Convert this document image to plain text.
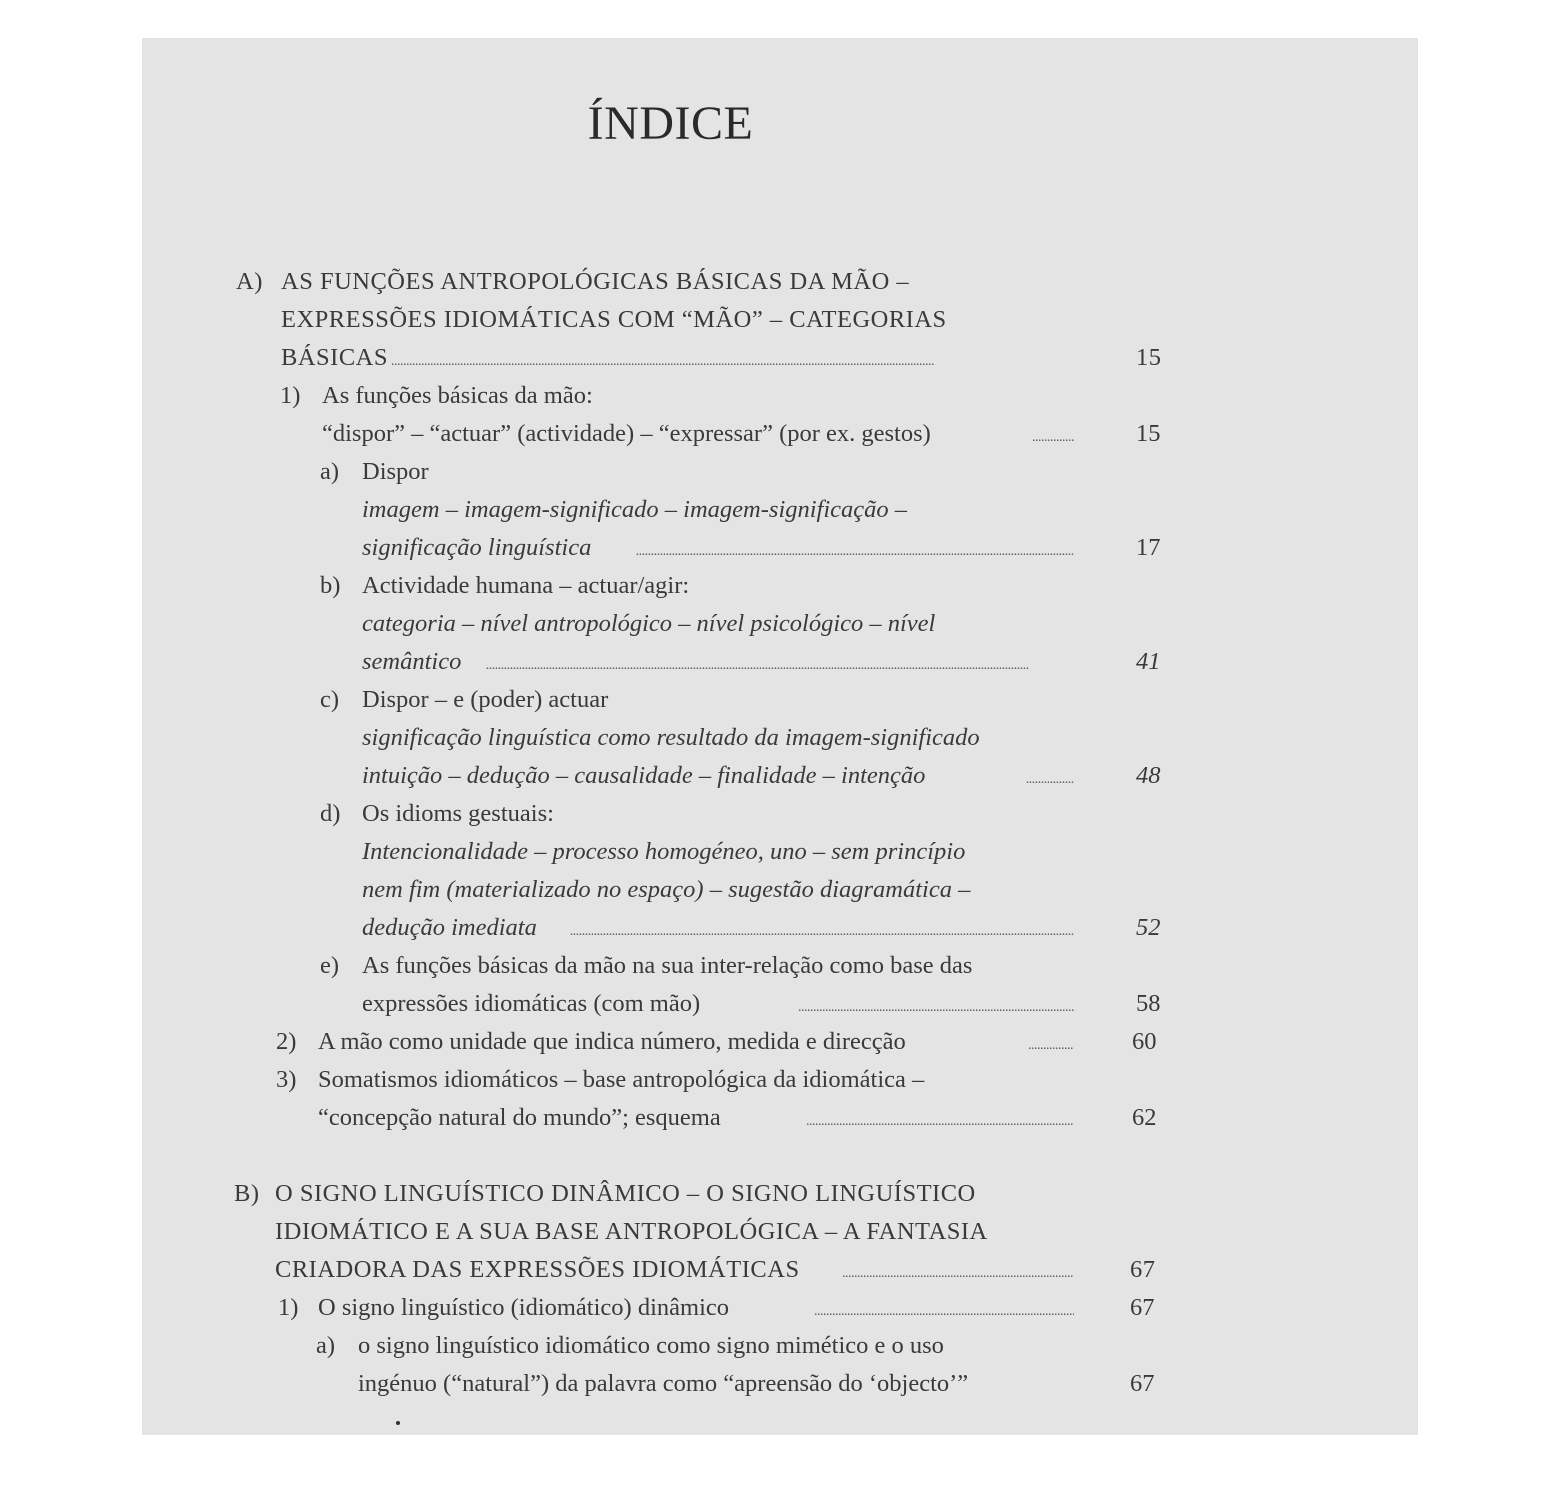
ÍNDICE
A) AS FUNÇÕES ANTROPOLÓGICAS BÁSICAS DA MÃO –
EXPRESSÕES IDIOMÁTICAS COM “MÃO” – CATEGORIAS
BÁSICAS . . .	15
1) As funções básicas da mão:
“dispor” – “actuar” (actividade) – “expressar” (por ex. gestos) . . .	15
a) Dispor
imagem – imagem-significado – imagem-significação –
significação linguística . . .	17
b) Actividade humana – actuar/agir:
categoria – nível antropológico – nível psicológico – nível
semântico . . .	41
c) Dispor – e (poder) actuar
significação linguística como resultado da imagem-significado
intuição – dedução – causalidade – finalidade – intenção . . .	48
d) Os idioms gestuais:
Intencionalidade – processo homogéneo, uno – sem princípio
nem fim (materializado no espaço) – sugestão diagramática –
dedução imediata . . .	52
e) As funções básicas da mão na sua inter-relação como base das
expressões idiomáticas (com mão) . . .	58
2) A mão como unidade que indica número, medida e direcção . . .	60
3) Somatismos idiomáticos – base antropológica da idiomática –
“concepção natural do mundo”; esquema . . .	62
B) O SIGNO LINGUÍSTICO DINÂMICO – O SIGNO LINGUÍSTICO
IDIOMÁTICO E A SUA BASE ANTROPOLÓGICA – A FANTASIA
CRIADORA DAS EXPRESSÕES IDIOMÁTICAS . . .	67
1) O signo linguístico (idiomático) dinâmico . . .	67
a) o signo linguístico idiomático como signo mimético e o uso
ingénuo (“natural”) da palavra como “apreensão do ‘objecto’”	67
